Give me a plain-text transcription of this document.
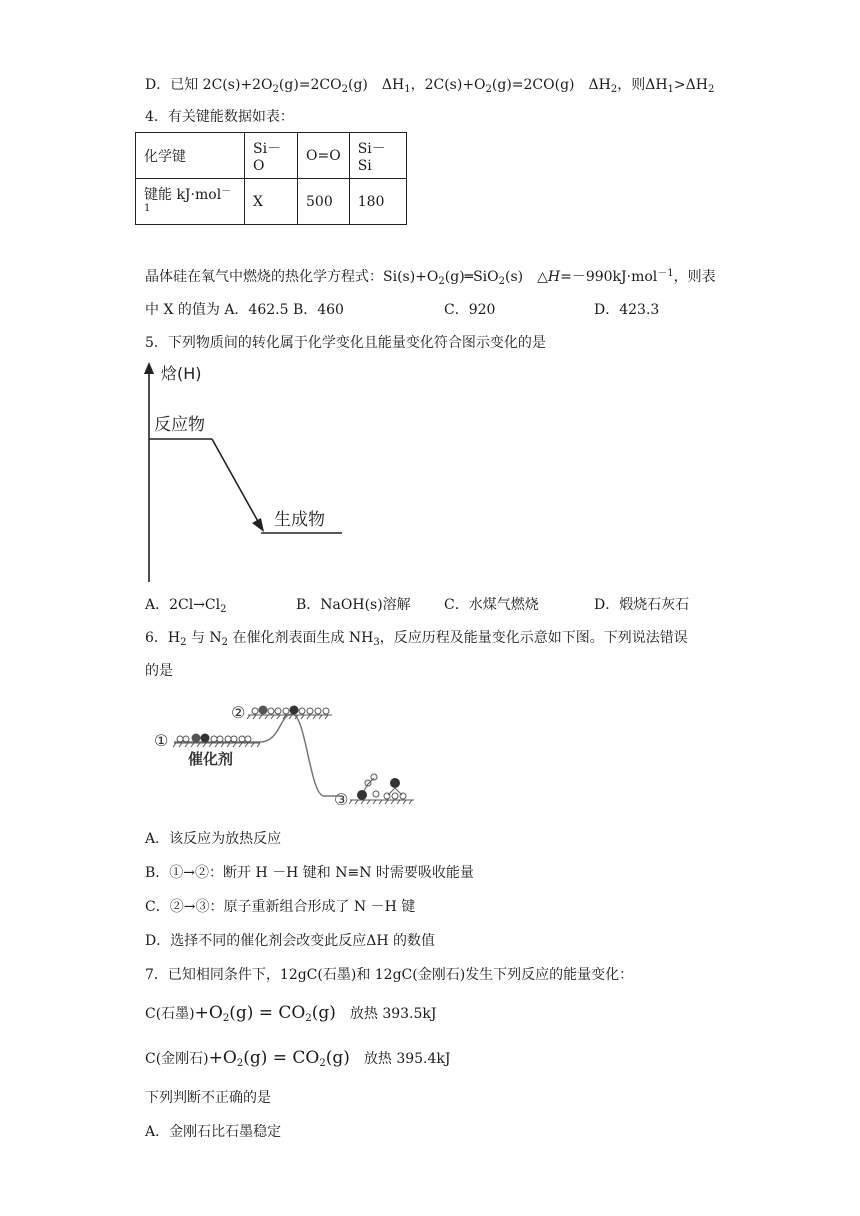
D．已知 $2C(s)+2O_2(g)=2CO_2(g)$　$\Delta H_1$，$2C(s)+O_2(g)=2CO(g)$　$\Delta H_2$，则$\Delta H_1>\Delta H_2$
4．有关键能数据如表：
化学键	Si－O	O=O	Si－Si
键能 kJ·mol$^{-1}$	X	500	180
晶体硅在氧气中燃烧的热化学方程式：$Si(s)+O_2(g)═SiO_2(s)$　△H=－990kJ·mol$^{-1}$，则表
中 X 的值为 A．462.5 B．460	C．920	D．423.3
5．下列物质间的转化属于化学变化且能量变化符合图示变化的是
焓(H)
反应物
生成物
A．$2Cl\to Cl_2$	B．NaOH(s)溶解 C．水煤气燃烧	D．煅烧石灰石
6．$H_2$ 与 $N_2$ 在催化剂表面生成 $NH_3$，反应历程及能量变化示意如下图。下列说法错误
的是
①
②
③
催化剂
A．该反应为放热反应
B．①→②：断开 H －H 键和 N≡N 时需要吸收能量
C．②→③：原子重新组合形成了 N －H 键
D．选择不同的催化剂会改变此反应ΔH 的数值
7．已知相同条件下，12gC(石墨)和 12gC(金刚石)发生下列反应的能量变化：
C(石墨)$+O_2(g) = CO_2(g)$　 放热 393.5kJ
C(金刚石)$+O_2(g) = CO_2(g)$　 放热 395.4kJ
下列判断不正确的是
A．金刚石比石墨稳定
